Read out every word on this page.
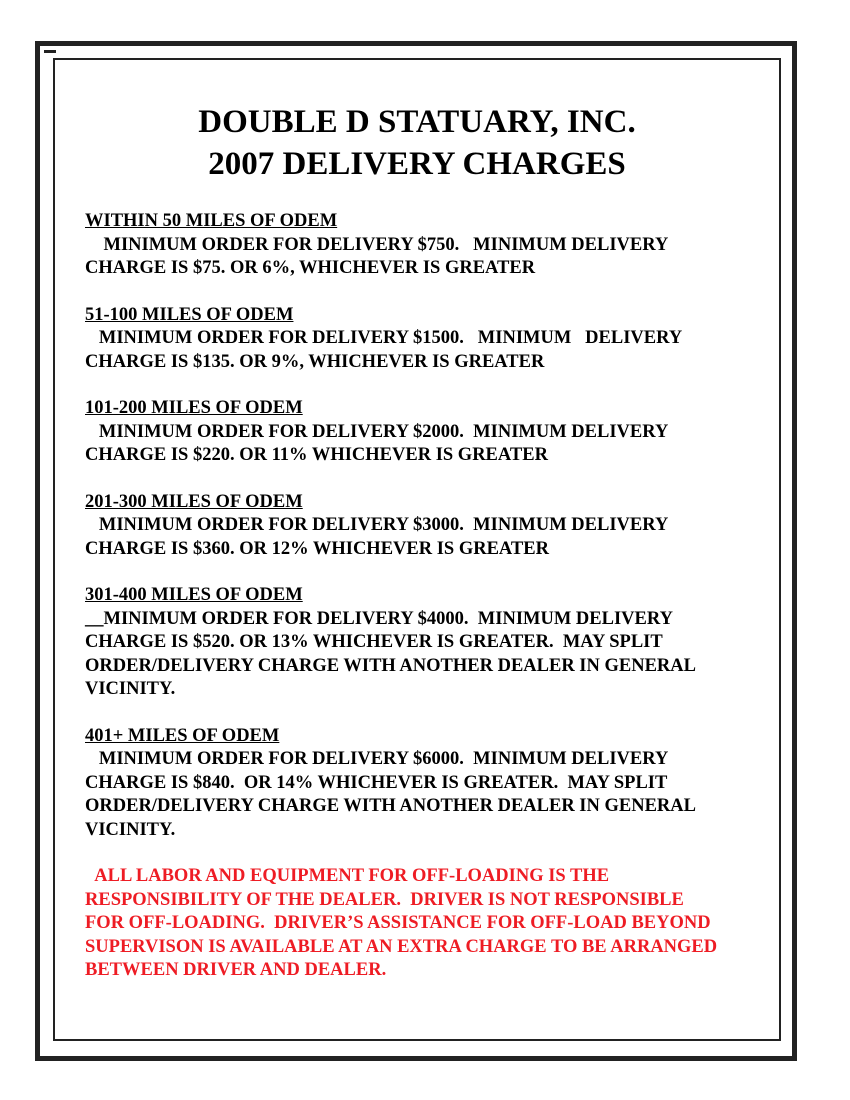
DOUBLE D STATUARY, INC.
2007 DELIVERY CHARGES
WITHIN 50 MILES OF ODEM
MINIMUM ORDER FOR DELIVERY $750.   MINIMUM DELIVERY
CHARGE IS $75. OR 6%, WHICHEVER IS GREATER
51-100 MILES OF ODEM
MINIMUM ORDER FOR DELIVERY $1500.   MINIMUM   DELIVERY
CHARGE IS $135. OR 9%, WHICHEVER IS GREATER
101-200 MILES OF ODEM
MINIMUM ORDER FOR DELIVERY $2000.  MINIMUM DELIVERY
CHARGE IS $220. OR 11% WHICHEVER IS GREATER
201-300 MILES OF ODEM
MINIMUM ORDER FOR DELIVERY $3000.  MINIMUM DELIVERY
CHARGE IS $360. OR 12% WHICHEVER IS GREATER
301-400 MILES OF ODEM
__MINIMUM ORDER FOR DELIVERY $4000.  MINIMUM DELIVERY
CHARGE IS $520. OR 13% WHICHEVER IS GREATER.  MAY SPLIT
ORDER/DELIVERY CHARGE WITH ANOTHER DEALER IN GENERAL
VICINITY.
401+ MILES OF ODEM
MINIMUM ORDER FOR DELIVERY $6000.  MINIMUM DELIVERY
CHARGE IS $840.  OR 14% WHICHEVER IS GREATER.  MAY SPLIT
ORDER/DELIVERY CHARGE WITH ANOTHER DEALER IN GENERAL
VICINITY.
ALL LABOR AND EQUIPMENT FOR OFF-LOADING IS THE
RESPONSIBILITY OF THE DEALER.  DRIVER IS NOT RESPONSIBLE
FOR OFF-LOADING.  DRIVER’S ASSISTANCE FOR OFF-LOAD BEYOND
SUPERVISON IS AVAILABLE AT AN EXTRA CHARGE TO BE ARRANGED
BETWEEN DRIVER AND DEALER.
